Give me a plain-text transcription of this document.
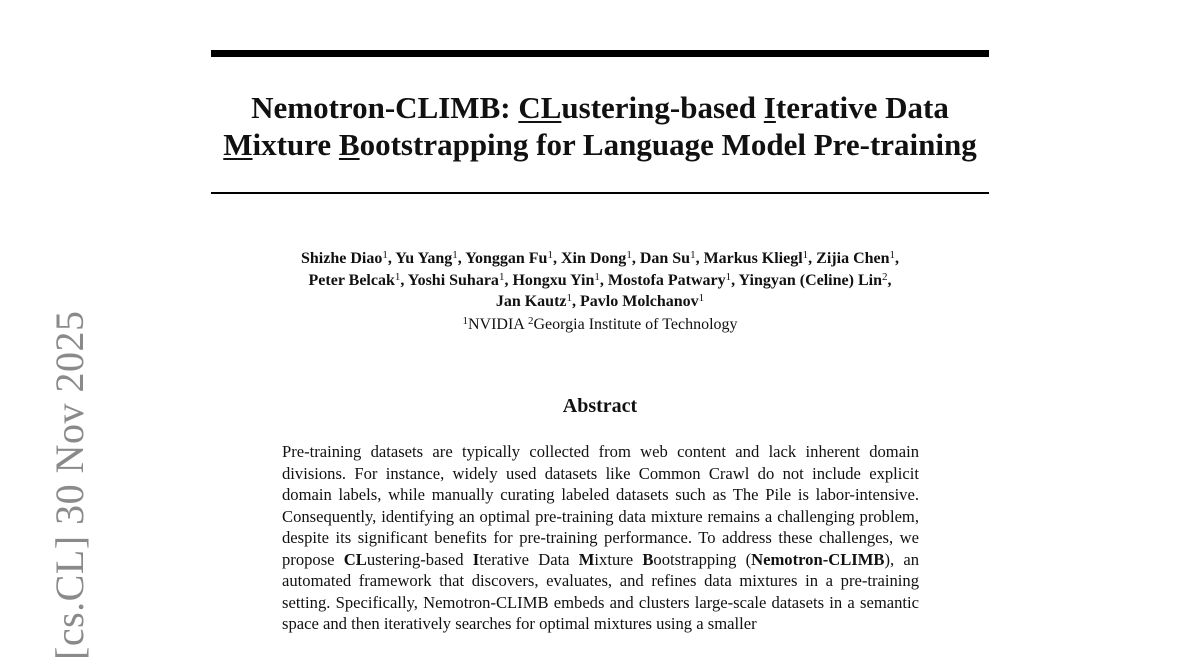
Nemotron-CLIMB: CLustering-based Iterative Data
Mixture Bootstrapping for Language Model Pre-training
Shizhe Diao$^1$, Yu Yang$^1$, Yonggan Fu$^1$, Xin Dong$^1$, Dan Su$^1$, Markus Kliegl$^1$, Zijia Chen$^1$,
Peter Belcak$^1$, Yoshi Suhara$^1$, Hongxu Yin$^1$, Mostofa Patwary$^1$, Yingyan (Celine) Lin$^2$,
Jan Kautz$^1$, Pavlo Molchanov$^1$
$^1$NVIDIA $^2$Georgia Institute of Technology
Abstract

Pre-training datasets are typically collected from web content and lack inherent domain divisions. For instance, widely used datasets like Common Crawl do not include explicit domain labels, while manually curating labeled datasets such as The Pile is labor-intensive. Consequently, identifying an optimal pre-training data mixture remains a challenging problem, despite its significant benefits for pre-training performance. To address these challenges, we propose CLustering-based Iterative Data Mixture Bootstrapping (Nemotron-CLIMB), an automated framework that discovers, evaluates, and refines data mixtures in a pre-training setting. Specifically, Nemotron-CLIMB embeds and clusters large-scale datasets in a semantic space and then iteratively searches for optimal mixtures using a smaller

[cs.CL] 30 Nov 2025
